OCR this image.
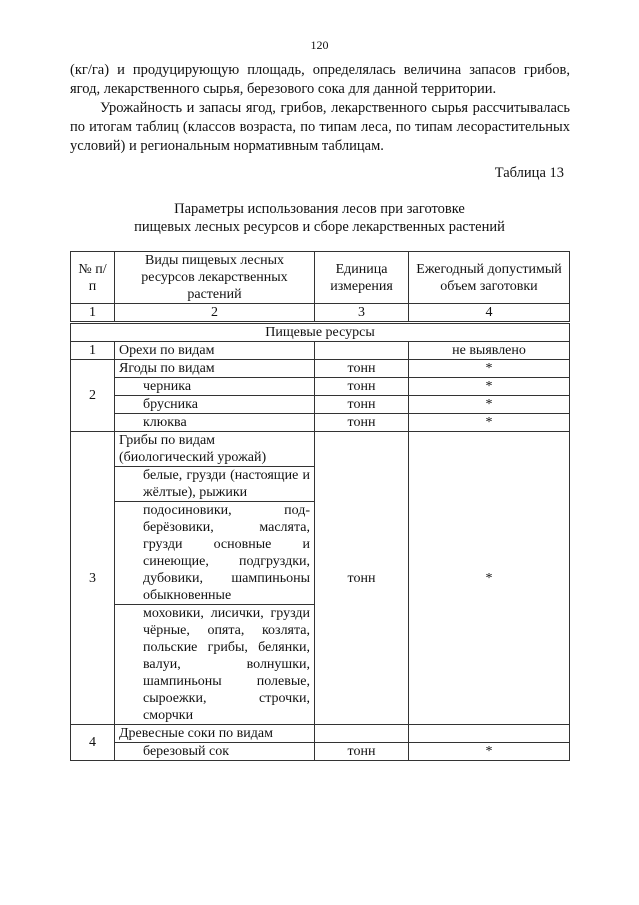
120

(кг/га) и продуцирующую площадь, определялась величина запасов грибов, ягод, лекарственного сырья, березового сока для данной территории.

Урожайность и запасы ягод, грибов, лекарственного сырья рассчитывалась по итогам таблиц (классов возраста, по типам леса, по типам лесорастительных условий) и региональным нормативным таблицам.

Таблица 13
Параметры использования лесов при заготовке
пищевых лесных ресурсов и сборе лекарственных растений
№ п/п	Виды пищевых лесных ресурсов лекарственных растений	Единица измерения	Ежегодный допустимый объем заготовки
1	2	3	4
Пищевые ресурсы			
1	Орехи по видам		не выявлено
2	Ягоды по видам	тонн	*
	черника	тонн	*
	брусника	тонн	*
	клюква	тонн	*
3	Грибы по видам (биологический урожай)	тонн	*
	белые, грузди (настоящие и жёлтые), рыжики		
	подосиновики, под-берёзовики, маслята, грузди основные и синеющие, подгруздки, дубовики, шампиньоны обыкновенные		
	моховики, лисички, грузди чёрные, опята, козлята, польские грибы, белянки, валуи, волнушки, шампиньоны полевые, сыроежки, строчки, сморчки		
4	Древесные соки по видам		
	березовый сок	тонн	*
